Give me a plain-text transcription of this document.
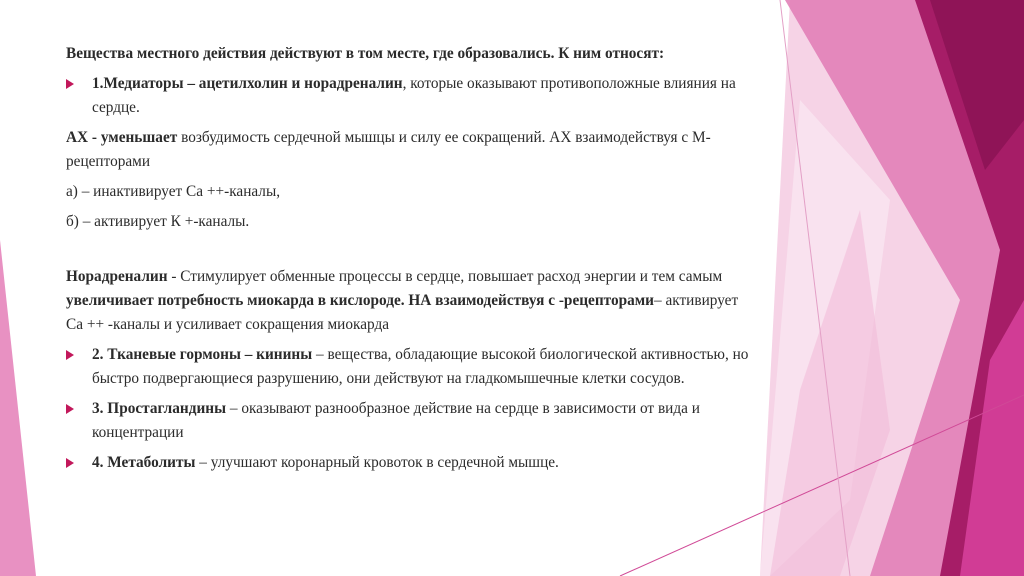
Вещества местного действия действуют в том месте, где образовались. К ним относят:

1.Медиаторы – ацетилхолин и норадреналин, которые оказывают противоположные влияния на сердце.

АХ - уменьшает возбудимость сердечной мышцы и силу ее сокращений. АХ взаимодействуя с М-рецепторами

а) – инактивирует Са ++-каналы,

б) – активирует К +-каналы.

Норадреналин - Стимулирует обменные процессы в сердце, повышает расход энергии и тем самым увеличивает потребность миокарда в кислороде. НА взаимодействуя с -рецепторами– активирует Са ++ -каналы и усиливает сокращения миокарда

2. Тканевые гормоны – кинины – вещества, обладающие высокой биологической активностью, но быстро подвергающиеся разрушению, они действуют на гладкомышечные клетки сосудов.

3. Простагландины – оказывают разнообразное действие на сердце в зависимости от вида и концентрации

4. Метаболиты – улучшают коронарный кровоток в сердечной мышце.
